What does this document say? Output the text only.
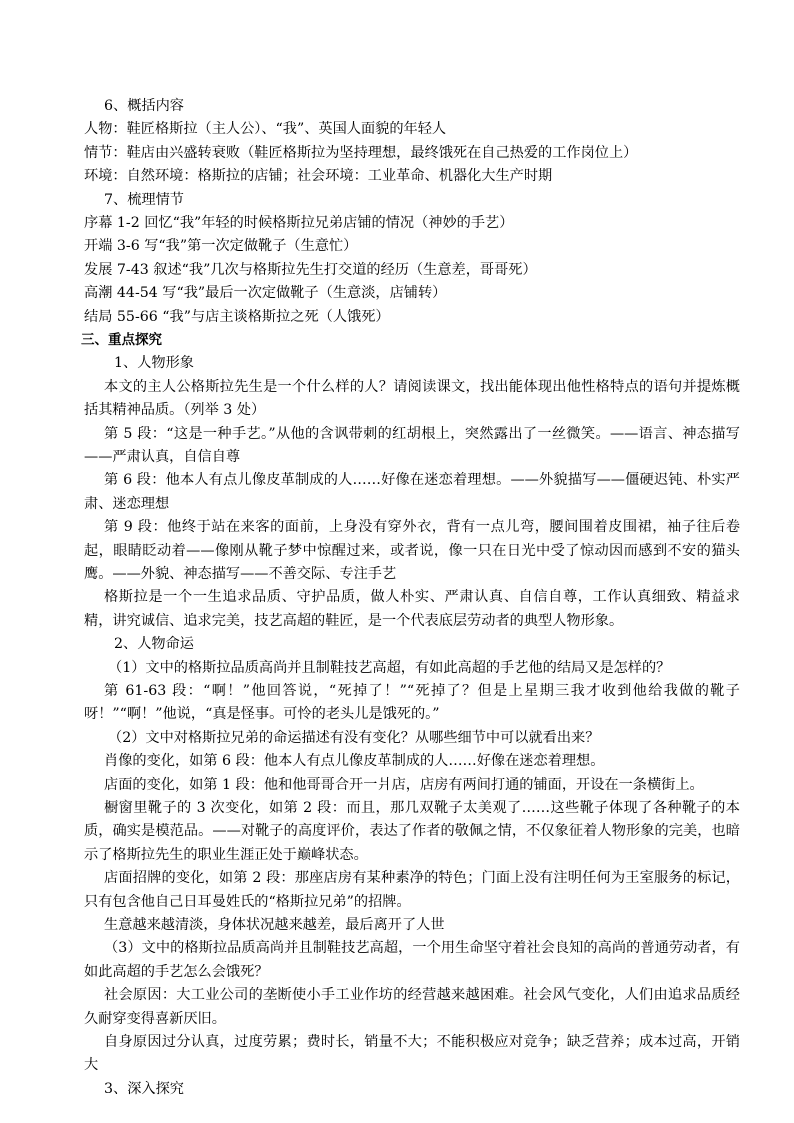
6、概括内容
人物：鞋匠格斯拉（主人公）、“我”、英国人面貌的年轻人
情节：鞋店由兴盛转衰败（鞋匠格斯拉为坚持理想，最终饿死在自己热爱的工作岗位上）
环境：自然环境：格斯拉的店铺；社会环境：工业革命、机器化大生产时期
7、梳理情节
序幕 1-2 回忆“我”年轻的时候格斯拉兄弟店铺的情况（神妙的手艺）
开端 3-6 写“我”第一次定做靴子（生意忙）
发展 7-43 叙述“我”几次与格斯拉先生打交道的经历（生意差，哥哥死）
高潮 44-54 写“我”最后一次定做靴子（生意淡，店铺转）
结局 55-66 “我”与店主谈格斯拉之死（人饿死）
三、重点探究
1、人物形象
本文的主人公格斯拉先生是一个什么样的人？请阅读课文，找出能体现出他性格特点的语句并提炼概括其精神品质。（列举 3 处）
第 5 段：“这是一种手艺。”从他的含讽带刺的红胡根上，突然露出了一丝微笑。——语言、神态描写——严肃认真，自信自尊
第 6 段：他本人有点儿像皮革制成的人……好像在迷恋着理想。——外貌描写——僵硬迟钝、朴实严肃、迷恋理想
第 9 段：他终于站在来客的面前，上身没有穿外衣，背有一点儿弯，腰间围着皮围裙，袖子往后卷起，眼睛眨动着——像刚从靴子梦中惊醒过来，或者说，像一只在日光中受了惊动因而感到不安的猫头鹰。——外貌、神态描写——不善交际、专注手艺
格斯拉是一个一生追求品质、守护品质，做人朴实、严肃认真、自信自尊，工作认真细致、精益求精，讲究诚信、追求完美，技艺高超的鞋匠，是一个代表底层劳动者的典型人物形象。
2、人物命运
（1）文中的格斯拉品质高尚并且制鞋技艺高超，有如此高超的手艺他的结局又是怎样的？
第 61-63 段：“啊！”他回答说，“死掉了！”“死掉了？但是上星期三我才收到他给我做的靴子呀！”“啊！”他说，“真是怪事。可怜的老头儿是饿死的。”
（2）文中对格斯拉兄弟的命运描述有没有变化？从哪些细节中可以就看出来？
肖像的变化，如第 6 段：他本人有点儿像皮革制成的人……好像在迷恋着理想。
店面的变化，如第 1 段：他和他哥哥合开一爿店，店房有两间打通的铺面，开设在一条横街上。
橱窗里靴子的 3 次变化，如第 2 段：而且，那几双靴子太美观了……这些靴子体现了各种靴子的本质，确实是模范品。——对靴子的高度评价，表达了作者的敬佩之情，不仅象征着人物形象的完美，也暗示了格斯拉先生的职业生涯正处于巅峰状态。
店面招牌的变化，如第 2 段：那座店房有某种素净的特色；门面上没有注明任何为王室服务的标记，只有包含他自己日耳曼姓氏的“格斯拉兄弟”的招牌。
生意越来越清淡，身体状况越来越差，最后离开了人世
（3）文中的格斯拉品质高尚并且制鞋技艺高超，一个用生命坚守着社会良知的高尚的普通劳动者，有如此高超的手艺怎么会饿死？
社会原因：大工业公司的垄断使小手工业作坊的经营越来越困难。社会风气变化，人们由追求品质经久耐穿变得喜新厌旧。
自身原因过分认真，过度劳累；费时长，销量不大；不能积极应对竞争；缺乏营养；成本过高，开销大
3、深入探究
